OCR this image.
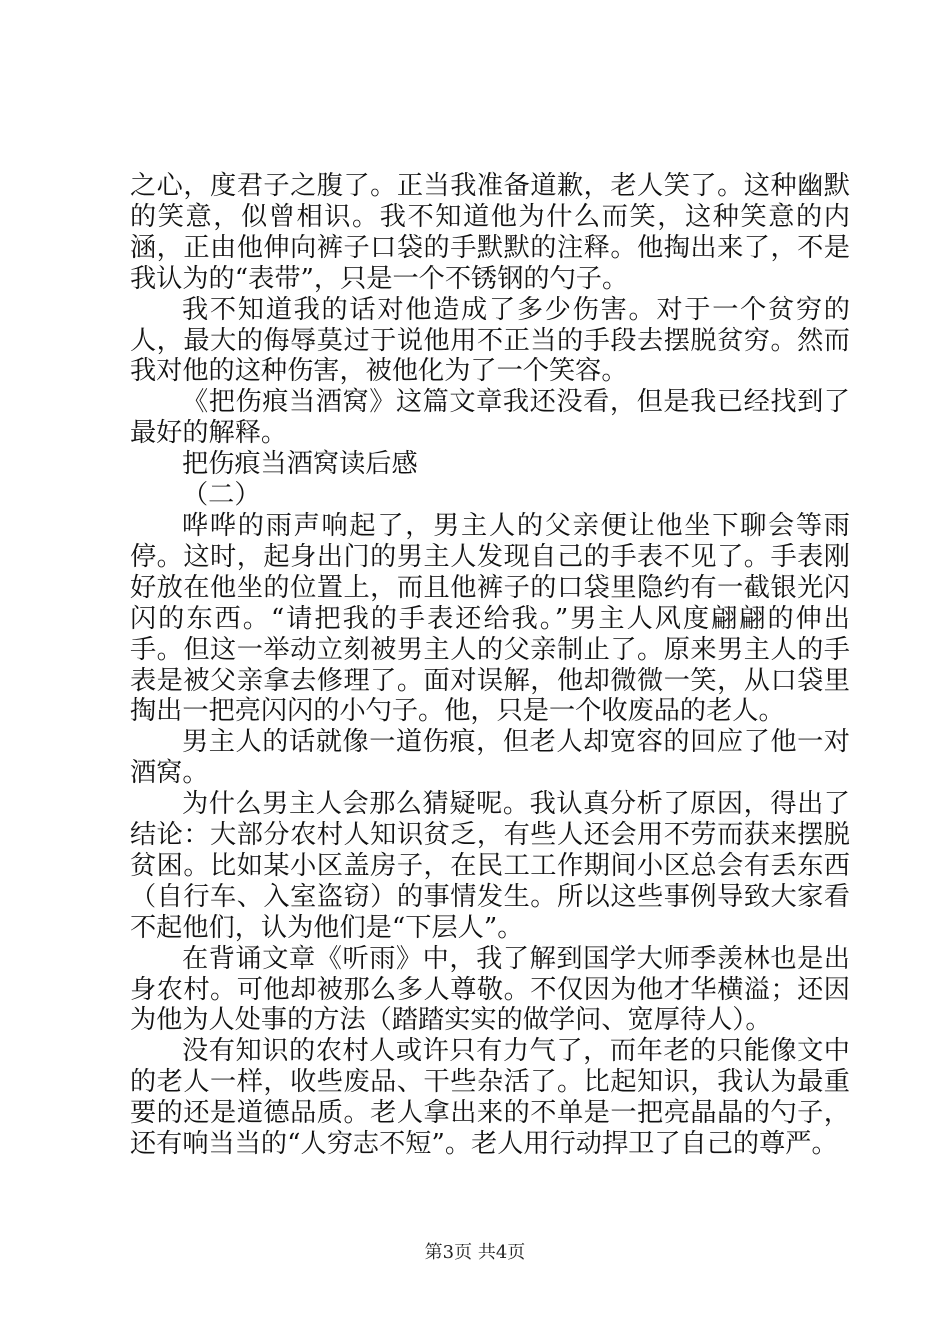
之心，度君子之腹了。正当我准备道歉，老人笑了。这种幽默的笑意，似曾相识。我不知道他为什么而笑，这种笑意的内涵，正由他伸向裤子口袋的手默默的注释。他掏出来了，不是我认为的“表带”，只是一个不锈钢的勺子。

我不知道我的话对他造成了多少伤害。对于一个贫穷的人，最大的侮辱莫过于说他用不正当的手段去摆脱贫穷。然而我对他的这种伤害，被他化为了一个笑容。

《把伤痕当酒窝》这篇文章我还没看，但是我已经找到了最好的解释。

把伤痕当酒窝读后感

（二）

哗哗的雨声响起了，男主人的父亲便让他坐下聊会等雨停。这时，起身出门的男主人发现自己的手表不见了。手表刚好放在他坐的位置上，而且他裤子的口袋里隐约有一截银光闪闪的东西。“请把我的手表还给我。”男主人风度翩翩的伸出手。但这一举动立刻被男主人的父亲制止了。原来男主人的手表是被父亲拿去修理了。面对误解，他却微微一笑，从口袋里掏出一把亮闪闪的小勺子。他，只是一个收废品的老人。

男主人的话就像一道伤痕，但老人却宽容的回应了他一对酒窝。

为什么男主人会那么猜疑呢。我认真分析了原因，得出了结论：大部分农村人知识贫乏，有些人还会用不劳而获来摆脱贫困。比如某小区盖房子，在民工工作期间小区总会有丢东西（自行车、入室盗窃）的事情发生。所以这些事例导致大家看不起他们，认为他们是“下层人”。

在背诵文章《听雨》中，我了解到国学大师季羡林也是出身农村。可他却被那么多人尊敬。不仅因为他才华横溢；还因为他为人处事的方法（踏踏实实的做学问、宽厚待人）。

没有知识的农村人或许只有力气了，而年老的只能像文中的老人一样，收些废品、干些杂活了。比起知识，我认为最重要的还是道德品质。老人拿出来的不单是一把亮晶晶的勺子，还有响当当的“人穷志不短”。老人用行动捍卫了自己的尊严。

第3页 共4页
